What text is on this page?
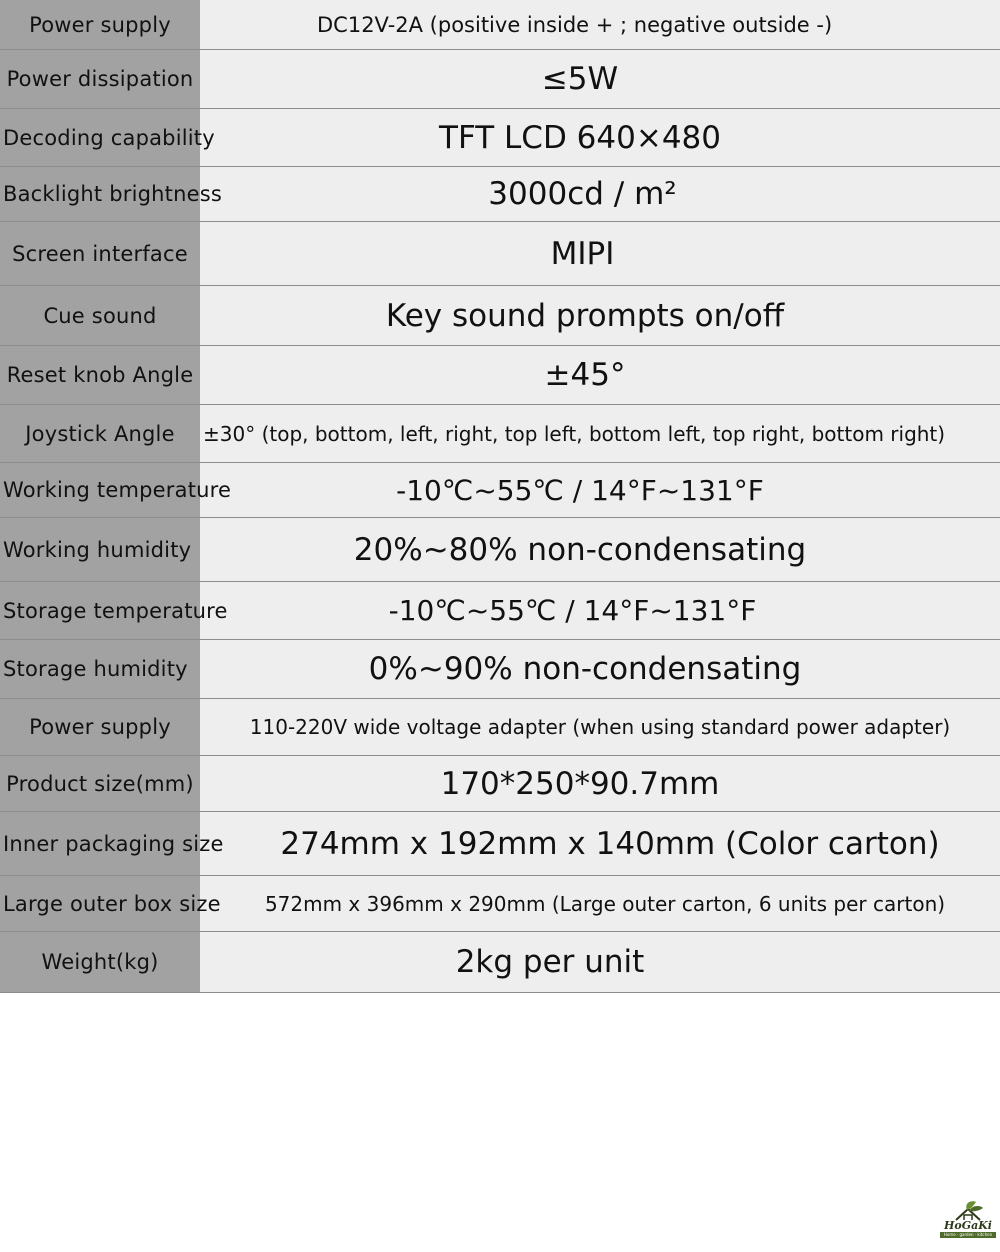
Power supply	DC12V-2A (positive inside + ; negative outside -)
Power dissipation	≤5W
Decoding capability	TFT LCD 640×480
Backlight brightness	3000cd / m²
Screen interface	MIPI
Cue sound	Key sound prompts on/off
Reset knob Angle	±45°
Joystick Angle ±30° (top, bottom, left, right, top left, bottom left, top right, bottom right)
Working temperature	-10℃~55℃ / 14°F~131°F
Working humidity	20%~80% non-condensating
Storage temperature	-10℃~55℃ / 14°F~131°F
Storage humidity	0%~90% non-condensating
Power supply	110-220V wide voltage adapter (when using standard power adapter)
Product size(mm)	170*250*90.7mm
Inner packaging size	274mm x 192mm x 140mm (Color carton)
Large outer box size	572mm x 396mm x 290mm (Large outer carton, 6 units per carton)
Weight(kg)	2kg per unit
HoGaKi
Home · garden · kitchen
